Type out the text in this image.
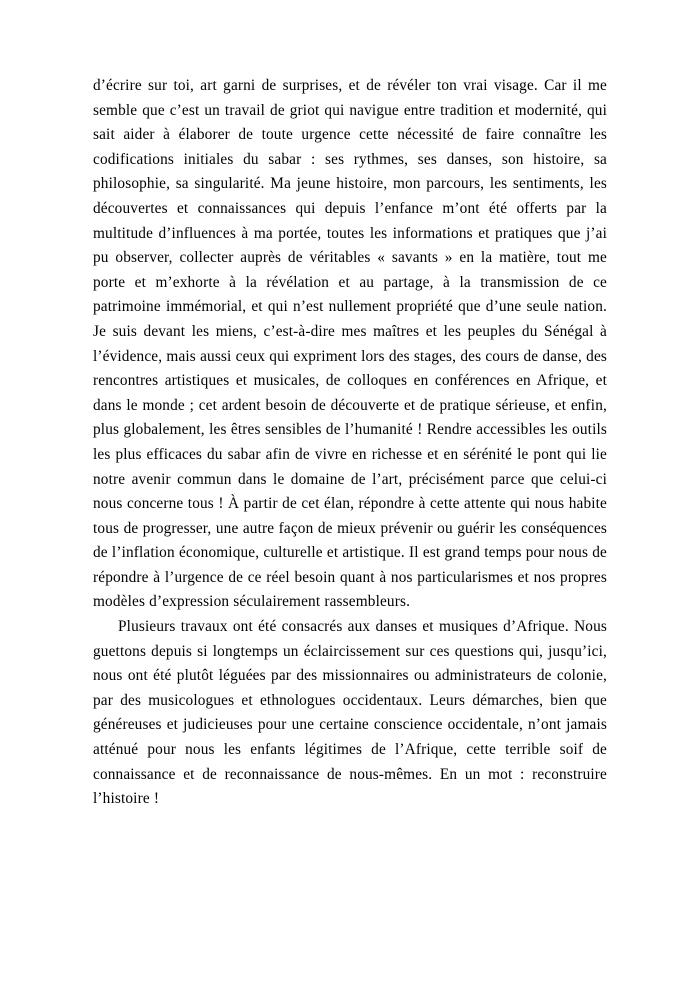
d’écrire sur toi, art garni de surprises, et de révéler ton vrai visage. Car il me semble que c’est un travail de griot qui navigue entre tradition et modernité, qui sait aider à élaborer de toute urgence cette nécessité de faire connaître les codifications initiales du sabar : ses rythmes, ses danses, son histoire, sa philosophie, sa singularité. Ma jeune histoire, mon parcours, les sentiments, les découvertes et connaissances qui depuis l’enfance m’ont été offerts par la multitude d’influences à ma portée, toutes les informations et pratiques que j’ai pu observer, collecter auprès de véritables « savants » en la matière, tout me porte et m’exhorte à la révélation et au partage, à la transmission de ce patrimoine immémorial, et qui n’est nullement propriété que d’une seule nation. Je suis devant les miens, c’est-à-dire mes maîtres et les peuples du Sénégal à l’évidence, mais aussi ceux qui expriment lors des stages, des cours de danse, des rencontres artistiques et musicales, de colloques en conférences en Afrique, et dans le monde ; cet ardent besoin de découverte et de pratique sérieuse, et enfin, plus globalement, les êtres sensibles de l’humanité ! Rendre accessibles les outils les plus efficaces du sabar afin de vivre en richesse et en sérénité le pont qui lie notre avenir commun dans le domaine de l’art, précisément parce que celui-ci nous concerne tous ! À partir de cet élan, répondre à cette attente qui nous habite tous de progresser, une autre façon de mieux prévenir ou guérir les conséquences de l’inflation économique, culturelle et artistique. Il est grand temps pour nous de répondre à l’urgence de ce réel besoin quant à nos particularismes et nos propres modèles d’expression séculairement rassembleurs.

Plusieurs travaux ont été consacrés aux danses et musiques d’Afrique. Nous guettons depuis si longtemps un éclaircissement sur ces questions qui, jusqu’ici, nous ont été plutôt léguées par des missionnaires ou administrateurs de colonie, par des musicologues et ethnologues occidentaux. Leurs démarches, bien que généreuses et judicieuses pour une certaine conscience occidentale, n’ont jamais atténué pour nous les enfants légitimes de l’Afrique, cette terrible soif de connaissance et de reconnaissance de nous-mêmes. En un mot : reconstruire l’histoire !
